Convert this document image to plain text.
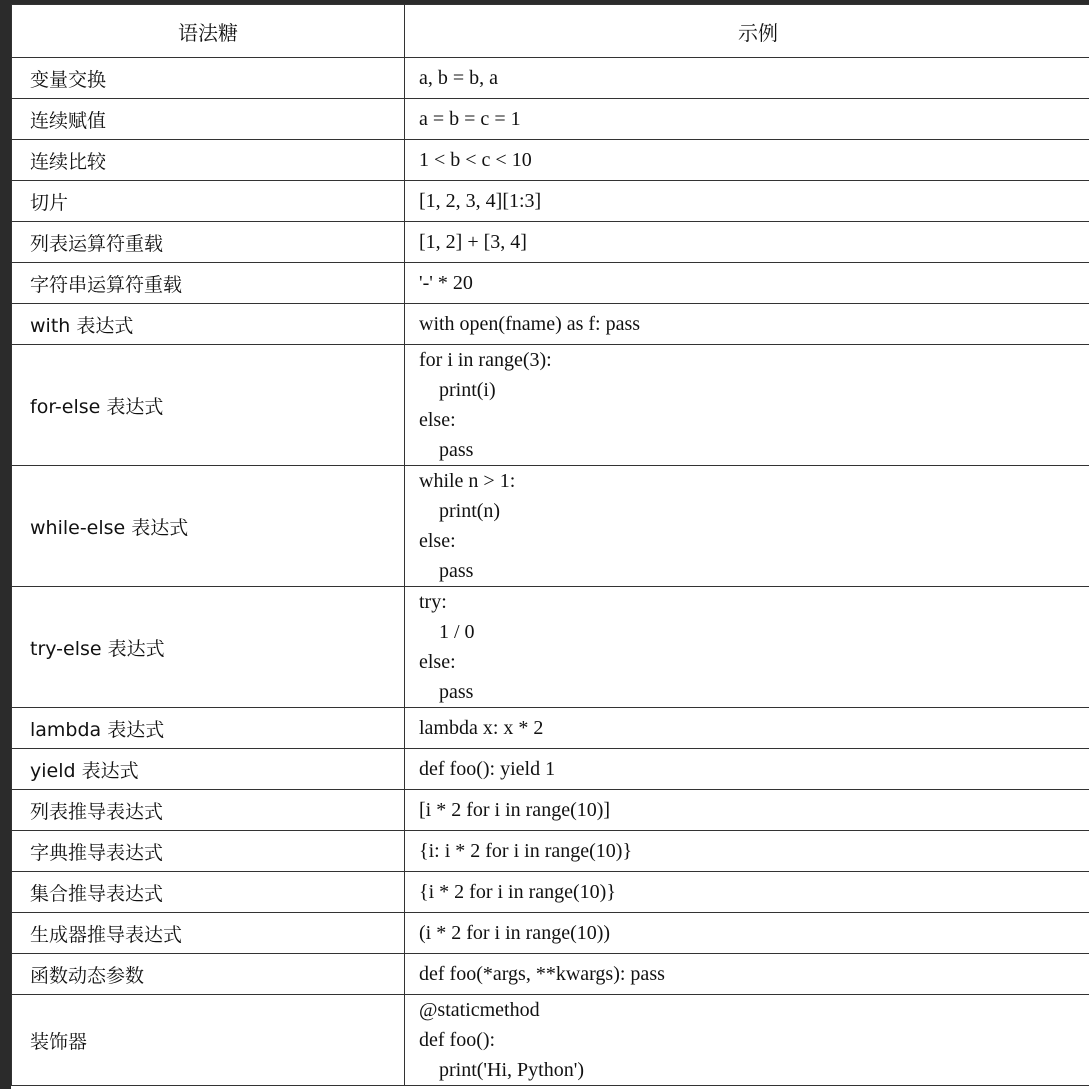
语法糖	示例
变量交换	a, b = b, a
连续赋值	a = b = c = 1
连续比较	1 < b < c < 10
切片	[1, 2, 3, 4][1:3]
列表运算符重载	[1, 2] + [3, 4]
字符串运算符重载	'-' * 20
with 表达式	with open(fname) as f: pass
for-else 表达式	for i in range(3):
print(i)
else:
pass
while-else 表达式	while n > 1:
print(n)
else:
pass
try-else 表达式	try:
1 / 0
else:
pass
lambda 表达式	lambda x: x * 2
yield 表达式	def foo(): yield 1
列表推导表达式	[i * 2 for i in range(10)]
字典推导表达式	{i: i * 2 for i in range(10)}
集合推导表达式	{i * 2 for i in range(10)}
生成器推导表达式	(i * 2 for i in range(10))
函数动态参数	def foo(*args, **kwargs): pass
装饰器	@staticmethod
def foo():
print('Hi, Python')
